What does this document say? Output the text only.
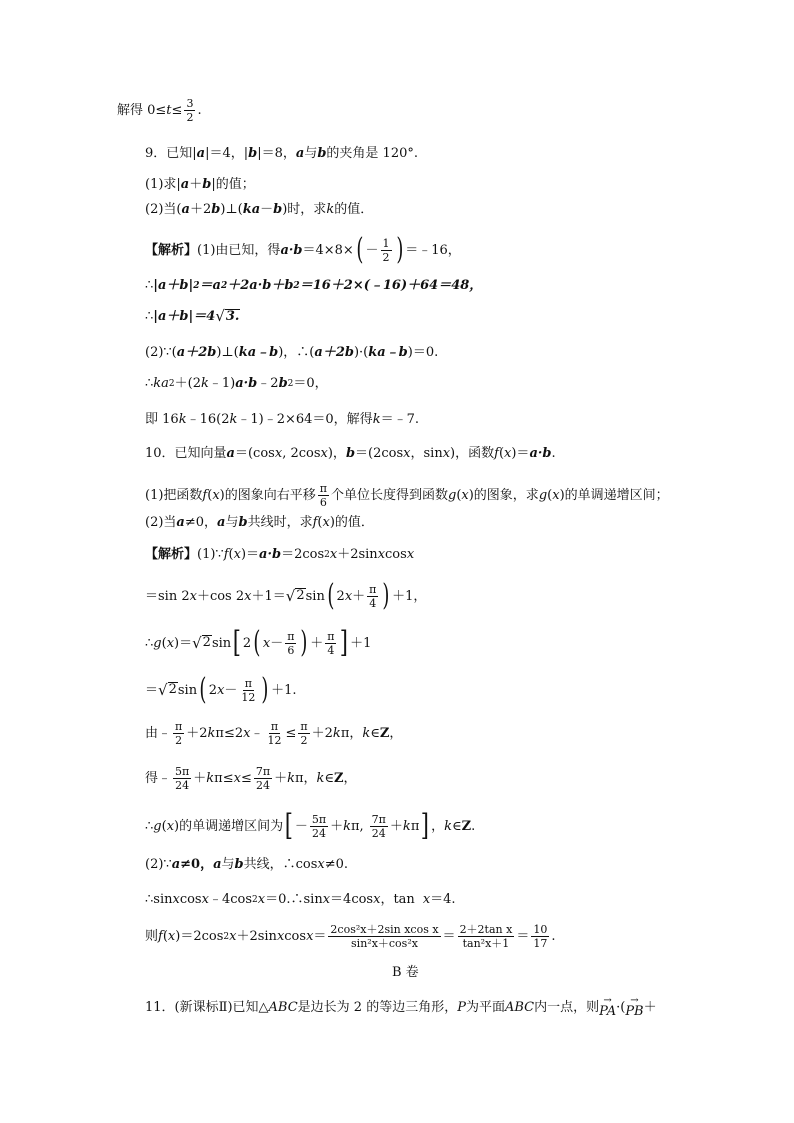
解得 $0\le t \le \frac{3}{2}$ .
9．已知| a |＝4，| b |＝8， a 与 b 的夹角是 120°.
(1)求| a ＋ b |的值；
(2)当( a ＋2 b )⊥( ka － b )时，求 k 的值．
【解析】 (1)由已知，得 a·b ＝4×8× ( － $\frac{1}{2}$ ) ＝﹣16，
∴ |a＋b| 2 ＝a 2 ＋2a·b＋b 2 ＝16＋2×(﹣16)＋64＝48，
∴ |a＋b|＝4 √ 3.
(2)∵( a＋2b )⊥( ka﹣b )，∴( a＋2b )·( ka﹣b )＝0.
∴ ka 2 ＋(2 k ﹣1) a·b ﹣2 b 2 ＝0，
即 16 k ﹣16(2 k ﹣1)﹣2×64＝0，解得 k ＝﹣7.
10．已知向量 a ＝(cos x , 2cos x )， b ＝(2cos x ，sin x )，函数 f ( x )＝ a·b .
(1)把函数 f ( x )的图象向右平移 $\frac{\pi}{6}$ 个单位长度得到函数 g ( x )的图象，求 g ( x )的单调递增区间；
(2)当 a ≠0， a 与 b 共线时，求 f ( x )的值．
【解析】 (1)∵ f ( x )＝ a·b ＝2cos 2 x ＋2sin x cos x
＝sin 2 x ＋cos 2 x ＋1＝ √ 2 sin ( 2 $x + \frac{\pi}{4}$ ) ＋1，
∴ g ( x )＝ √ 2 sin [ 2 ( $x - \frac{\pi}{6}$ ) ＋ $\frac{\pi}{4}$ ] ＋1
＝ √ 2 sin ( 2 $x - \frac{\pi}{12}$ ) ＋1.
由﹣ $\frac{\pi}{2} +2$ k π≤2 x ﹣ $\frac{\pi}{12} \le \frac{\pi}{2} +2$ k π， k ∈ Z ，
得﹣ $\frac{5\pi}{24} + k$ $\pi\le x \le \frac{7\pi}{24} + k$ π， k ∈ Z ，
∴ g ( x )的单调递增区间为 [ － $\frac{5\pi}{24} + k$ π, $\frac{7\pi}{24} + k$ π ] ， k ∈ Z .
(2)∵ a ≠0， a 与 b 共线，∴cos x ≠0.
∴sin x cos x ﹣4cos 2 x ＝0.∴sin x ＝4cos x ，tan x ＝4.
则 f ( x )＝2cos 2 x ＋2sin x $\cos x = \frac{\text{2cos²x＋2sin xcos x}}{\text{sin²x＋cos²x}} = \frac{\text{2＋2tan x}}{\text{tan²x＋1}} = \frac{10}{17}$ .
B 卷
11．(新课标Ⅱ)已知△ ABC 是边长为 2 的等边三角形， P 为平面 ABC 内一点，则 →
PA ·( →
PB ＋
